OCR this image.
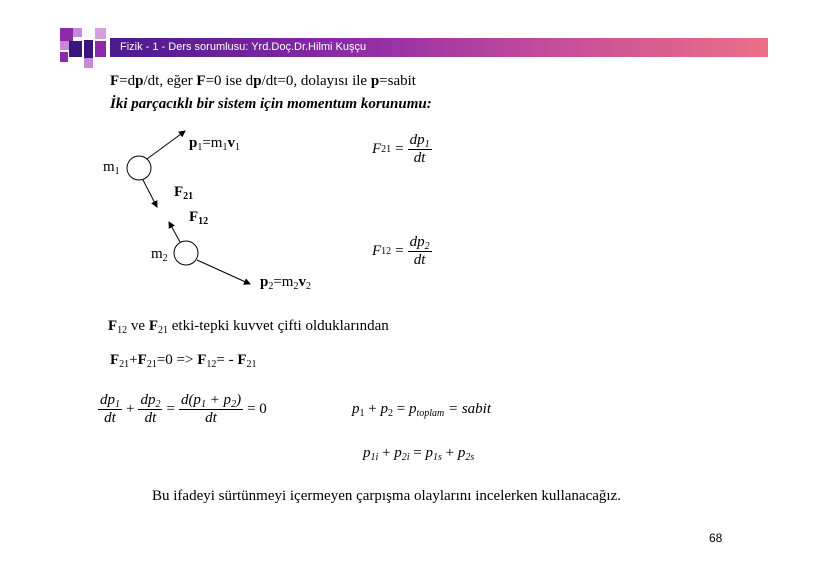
Fizik - 1 - Ders sorumlusu: Yrd.Doç.Dr.Hilmi Kuşçu
F=dp/dt, eğer F=0 ise dp/dt=0, dolayısı ile p=sabit
İki parçacıklı bir sistem için momentum korunumu:
$m_1$
$p_1=m_1v_1$
$F_{21}$
$F_{12}$
$m_2$
$p_2=m_2v_2$
F $21 = \frac{dp_1}{dt}$
F $12 = \frac{dp_2}{dt}$
$F_{12}$ ve $F_{21}$ etki-tepki kuvvet çifti olduklarından
$F_{21}+F_{21}=0 => F_{12}= - F_{21}$
$\frac{dp_1}{dt} + \frac{dp_2}{dt} = \frac{d(p_1 + p_2)}{dt} = 0$	$p_1 + p_2 = p_{toplam}$ = sabit
$p_{1i} + p_{2i} = p_{1s} + p_{2s}$
Bu ifadeyi sürtünmeyi içermeyen çarpışma olaylarını incelerken kullanacağız.
68
